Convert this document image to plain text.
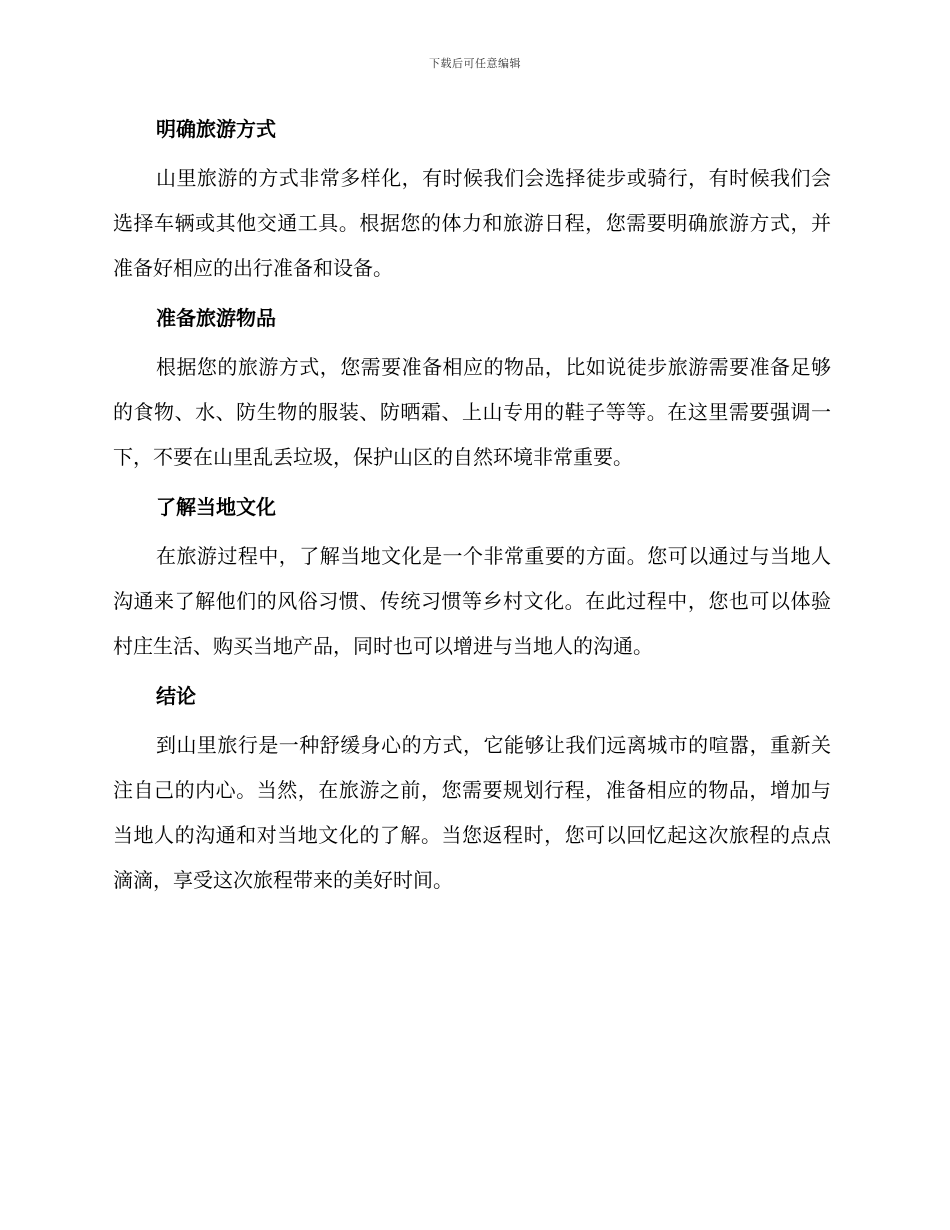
下载后可任意编辑
明确旅游方式

山里旅游的方式非常多样化，有时候我们会选择徒步或骑行，有时候我们会选择车辆或其他交通工具。根据您的体力和旅游日程，您需要明确旅游方式，并准备好相应的出行准备和设备。

准备旅游物品

根据您的旅游方式，您需要准备相应的物品，比如说徒步旅游需要准备足够的食物、水、防生物的服装、防晒霜、上山专用的鞋子等等。在这里需要强调一下，不要在山里乱丢垃圾，保护山区的自然环境非常重要。

了解当地文化

在旅游过程中，了解当地文化是一个非常重要的方面。您可以通过与当地人沟通来了解他们的风俗习惯、传统习惯等乡村文化。在此过程中，您也可以体验村庄生活、购买当地产品，同时也可以增进与当地人的沟通。

结论

到山里旅行是一种舒缓身心的方式，它能够让我们远离城市的喧嚣，重新关注自己的内心。当然，在旅游之前，您需要规划行程，准备相应的物品，增加与当地人的沟通和对当地文化的了解。当您返程时，您可以回忆起这次旅程的点点滴滴，享受这次旅程带来的美好时间。
